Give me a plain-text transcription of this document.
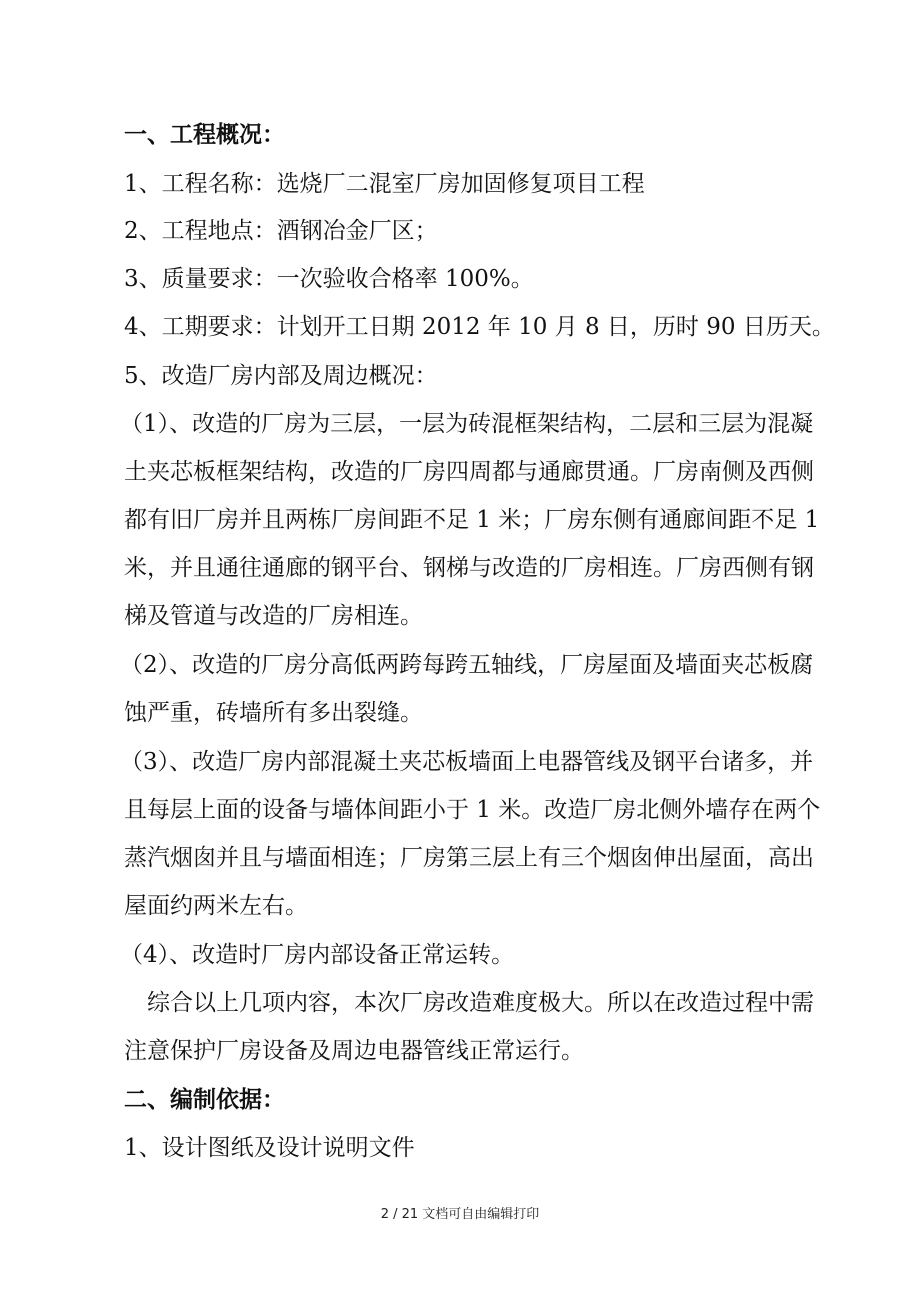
一、工程概况：
1、工程名称：选烧厂二混室厂房加固修复项目工程
2、工程地点：酒钢冶金厂区；
3、质量要求：一次验收合格率 100%。
4、工期要求：计划开工日期 2012 年 10 月 8 日，历时 90 日历天。
5、改造厂房内部及周边概况：
（1）、改造的厂房为三层，一层为砖混框架结构，二层和三层为混凝
土夹芯板框架结构，改造的厂房四周都与通廊贯通。厂房南侧及西侧
都有旧厂房并且两栋厂房间距不足 1 米；厂房东侧有通廊间距不足 1
米，并且通往通廊的钢平台、钢梯与改造的厂房相连。厂房西侧有钢
梯及管道与改造的厂房相连。
（2）、改造的厂房分高低两跨每跨五轴线，厂房屋面及墙面夹芯板腐
蚀严重，砖墙所有多出裂缝。
（3）、改造厂房内部混凝土夹芯板墙面上电器管线及钢平台诸多，并
且每层上面的设备与墙体间距小于 1 米。改造厂房北侧外墙存在两个
蒸汽烟囱并且与墙面相连；厂房第三层上有三个烟囱伸出屋面，高出
屋面约两米左右。
（4）、改造时厂房内部设备正常运转。
　综合以上几项内容，本次厂房改造难度极大。所以在改造过程中需
注意保护厂房设备及周边电器管线正常运行。
二、编制依据：
1、设计图纸及设计说明文件
2 / 21 文档可自由编辑打印
